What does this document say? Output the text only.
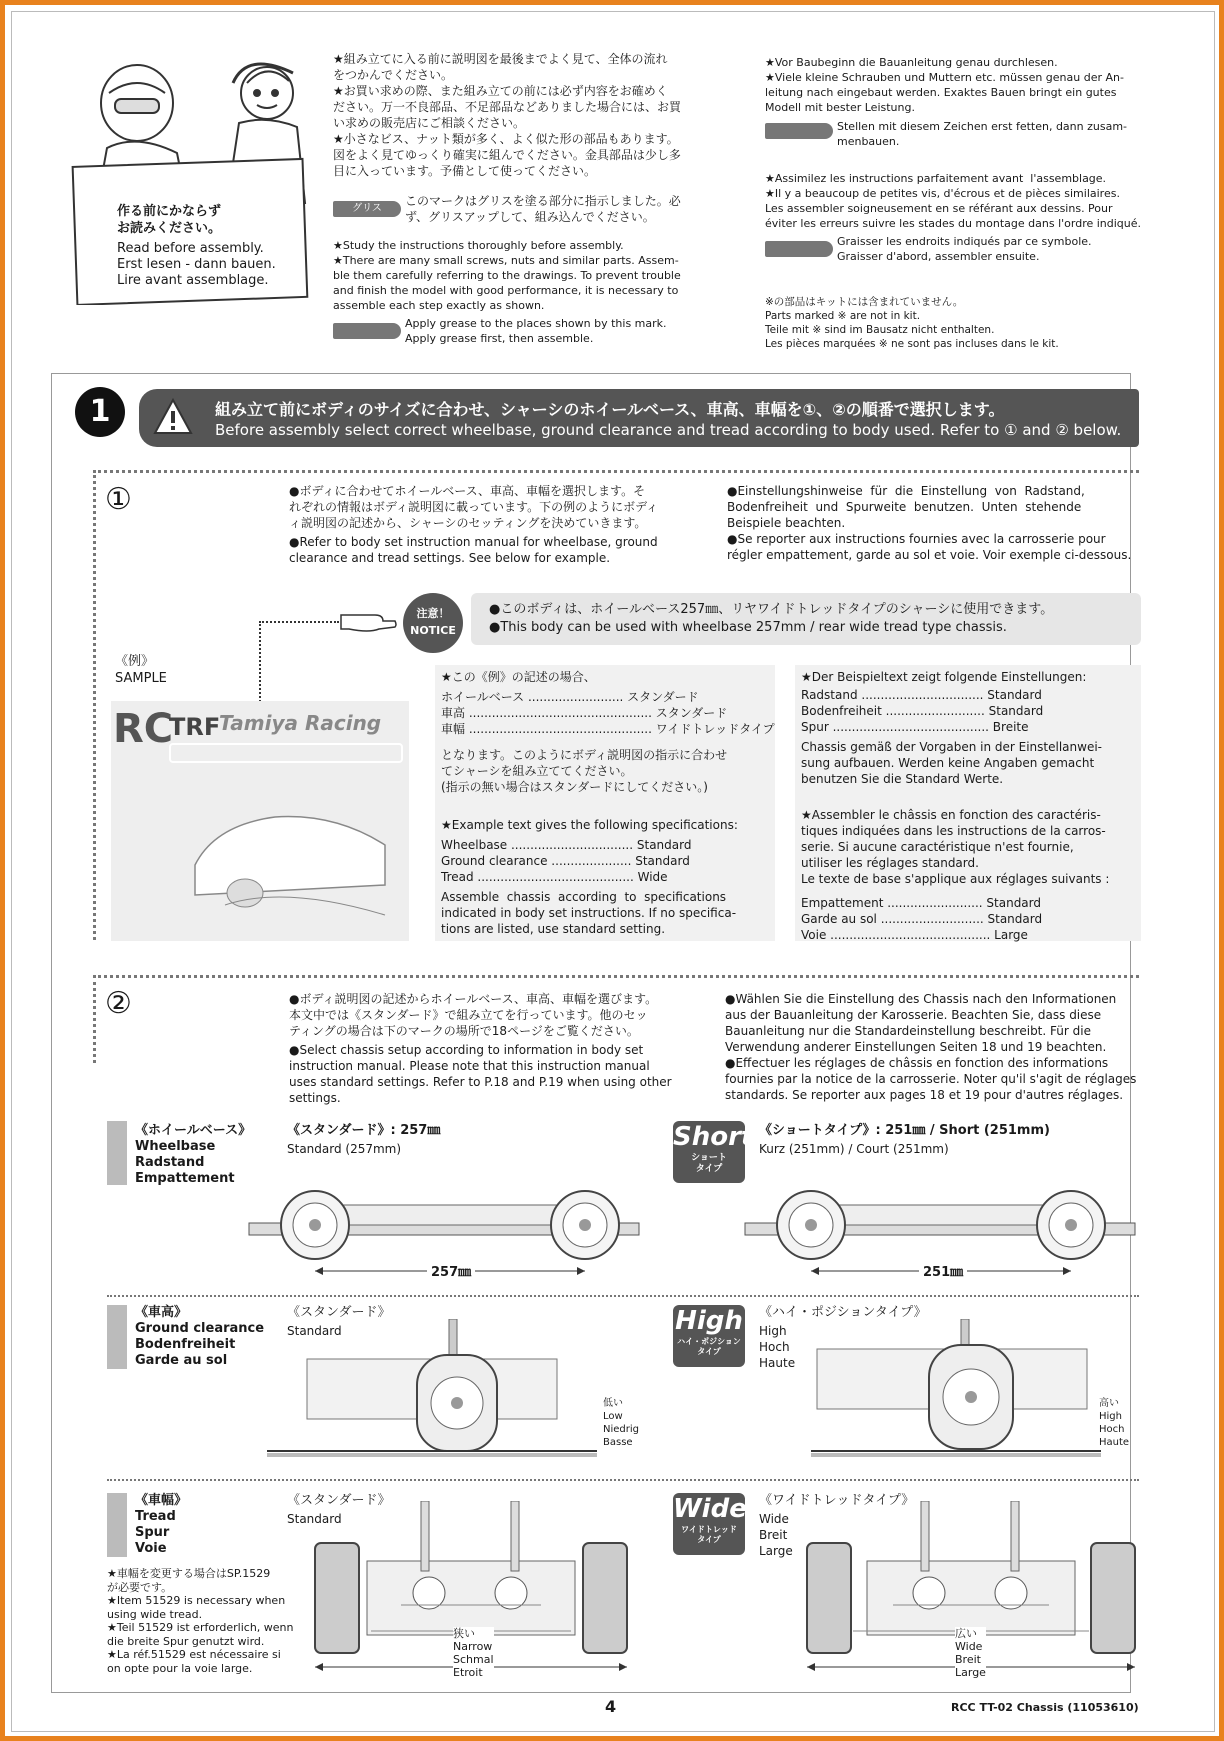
作る前にかならず
お読みください。
Read before assembly.
Erst lesen - dann bauen.
Lire avant assemblage.
★組み立てに入る前に説明図を最後までよく見て、全体の流れ
をつかんでください。
★お買い求めの際、また組み立ての前には必ず内容をお確めく
ださい。万一不良部品、不足部品などありました場合には、お買
い求めの販売店にご相談ください。
★小さなビス、ナット類が多く、よく似た形の部品もあります。
図をよく見てゆっくり確実に組んでください。金具部品は少し多
目に入っています。予備として使ってください。
グリス
このマークはグリスを塗る部分に指示しました。必
ず、グリスアップして、組み込んでください。
★Study the instructions thoroughly before assembly.
★There are many small screws, nuts and similar parts. Assem-
ble them carefully referring to the drawings. To prevent trouble
and finish the model with good performance, it is necessary to
assemble each step exactly as shown.
Apply grease to the places shown by this mark.
Apply grease first, then assemble.
★Vor Baubeginn die Bauanleitung genau durchlesen.
★Viele kleine Schrauben und Muttern etc. müssen genau der An-
leitung nach eingebaut werden. Exaktes Bauen bringt ein gutes
Modell mit bester Leistung.
Stellen mit diesem Zeichen erst fetten, dann zusam-
menbauen.
★Assimilez les instructions parfaitement avant  l'assemblage.
★Il y a beaucoup de petites vis, d'écrous et de pièces similaires.
Les assembler soigneusement en se référant aux dessins. Pour
éviter les erreurs suivre les stades du montage dans l'ordre indiqué.
Graisser les endroits indiqués par ce symbole.
Graisser d'abord, assembler ensuite.
※の部品はキットには含まれていません。
Parts marked ※ are not in kit.
Teile mit ※ sind im Bausatz nicht enthalten.
Les pièces marquées ※ ne sont pas incluses dans le kit.
1	組み立て前にボディのサイズに合わせ、シャーシのホイールベース、車高、車幅を①、②の順番で選択します。
Before assembly select correct wheelbase, ground clearance and tread according to body used. Refer to ① and ② below.
①	●ボディに合わせてホイールベース、車高、車幅を選択します。そ
れぞれの情報はボディ説明図に載っています。下の例のようにボディ
ィ説明図の記述から、シャーシのセッティングを決めていきます。
●Refer to body set instruction manual for wheelbase, ground
clearance and tread settings. See below for example.
●Einstellungshinweise  für  die  Einstellung  von  Radstand,
Bodenfreiheit  und  Spurweite  benutzen.  Unten  stehende
Beispiele beachten.
●Se reporter aux instructions fournies avec la carrosserie pour
régler empattement, garde au sol et voie. Voir exemple ci-dessous.
注意！
NOTICE
●このボディは、ホイールベース257㎜、リヤワイドトレッドタイプのシャーシに使用できます。
●This body can be used with wheelbase 257mm / rear wide tread type chassis.
《例》
SAMPLE
RC
TRF
Tamiya Racing
★この《例》の記述の場合、
ホイールベース ......................... スタンダード
車高 ................................................ スタンダード
車幅 ................................................ ワイドトレッドタイプ
となります。このようにボディ説明図の指示に合わせ
てシャーシを組み立ててください。
(指示の無い場合はスタンダードにしてください。)
★Example text gives the following specifications:
Wheelbase ................................ Standard
Ground clearance ..................... Standard
Tread ......................................... Wide
Assemble  chassis  according  to  specifications
indicated in body set instructions. If no specifica-
tions are listed, use standard setting.
★Der Beispieltext zeigt folgende Einstellungen:
Radstand ................................ Standard
Bodenfreiheit .......................... Standard
Spur ......................................... Breite
Chassis gemäß der Vorgaben in der Einstellanwei-
sung aufbauen. Werden keine Angaben gemacht
benutzen Sie die Standard Werte.
★Assembler le châssis en fonction des caractéris-
tiques indiquées dans les instructions de la carros-
serie. Si aucune caractéristique n'est fournie,
utiliser les réglages standard.
Le texte de base s'applique aux réglages suivants :
Empattement ......................... Standard
Garde au sol ........................... Standard
Voie .......................................... Large
②	●ボディ説明図の記述からホイールベース、車高、車幅を選びます。
本文中では《スタンダード》で組み立てを行っています。他のセッ
ティングの場合は下のマークの場所で18ページをご覧ください。
●Select chassis setup according to information in body set
instruction manual. Please note that this instruction manual
uses standard settings. Refer to P.18 and P.19 when using other
settings.
●Wählen Sie die Einstellung des Chassis nach den Informationen
aus der Bauanleitung der Karosserie. Beachten Sie, dass diese
Bauanleitung nur die Standardeinstellung beschreibt. Für die
Verwendung anderer Einstellungen Seiten 18 und 19 beachten.
●Effectuer les réglages de châssis en fonction des informations
fournies par la notice de la carrosserie. Noter qu'il s'agit de réglages
standards. Se reporter aux pages 18 et 19 pour d'autres réglages.
《ホイールベース》
Wheelbase
Radstand
Empattement
《スタンダード》: 257㎜
Standard (257mm)
257㎜
Short
ショート
タイプ
《ショートタイプ》: 251㎜ / Short (251mm)
Kurz (251mm) / Court (251mm)
251㎜
《車高》
Ground clearance
Bodenfreiheit
Garde au sol
《スタンダード》
Standard
低い
Low
Niedrig
Basse
High
ハイ・ポジション
タイプ
《ハイ・ポジションタイプ》
High
Hoch
Haute
高い
High
Hoch
Haute
《車幅》
Tread
Spur
Voie
★車幅を変更する場合はSP.1529
が必要です。
★Item 51529 is necessary when
using wide tread.
★Teil 51529 ist erforderlich, wenn
die breite Spur genutzt wird.
★La réf.51529 est nécessaire si
on opte pour la voie large.
《スタンダード》
Standard
狭い
Narrow
Schmal
Etroit
Wide
ワイドトレッド
タイプ
《ワイドトレッドタイプ》
Wide
Breit
Large
広い
Wide
Breit
Large
4	RCC TT-02 Chassis (11053610)
